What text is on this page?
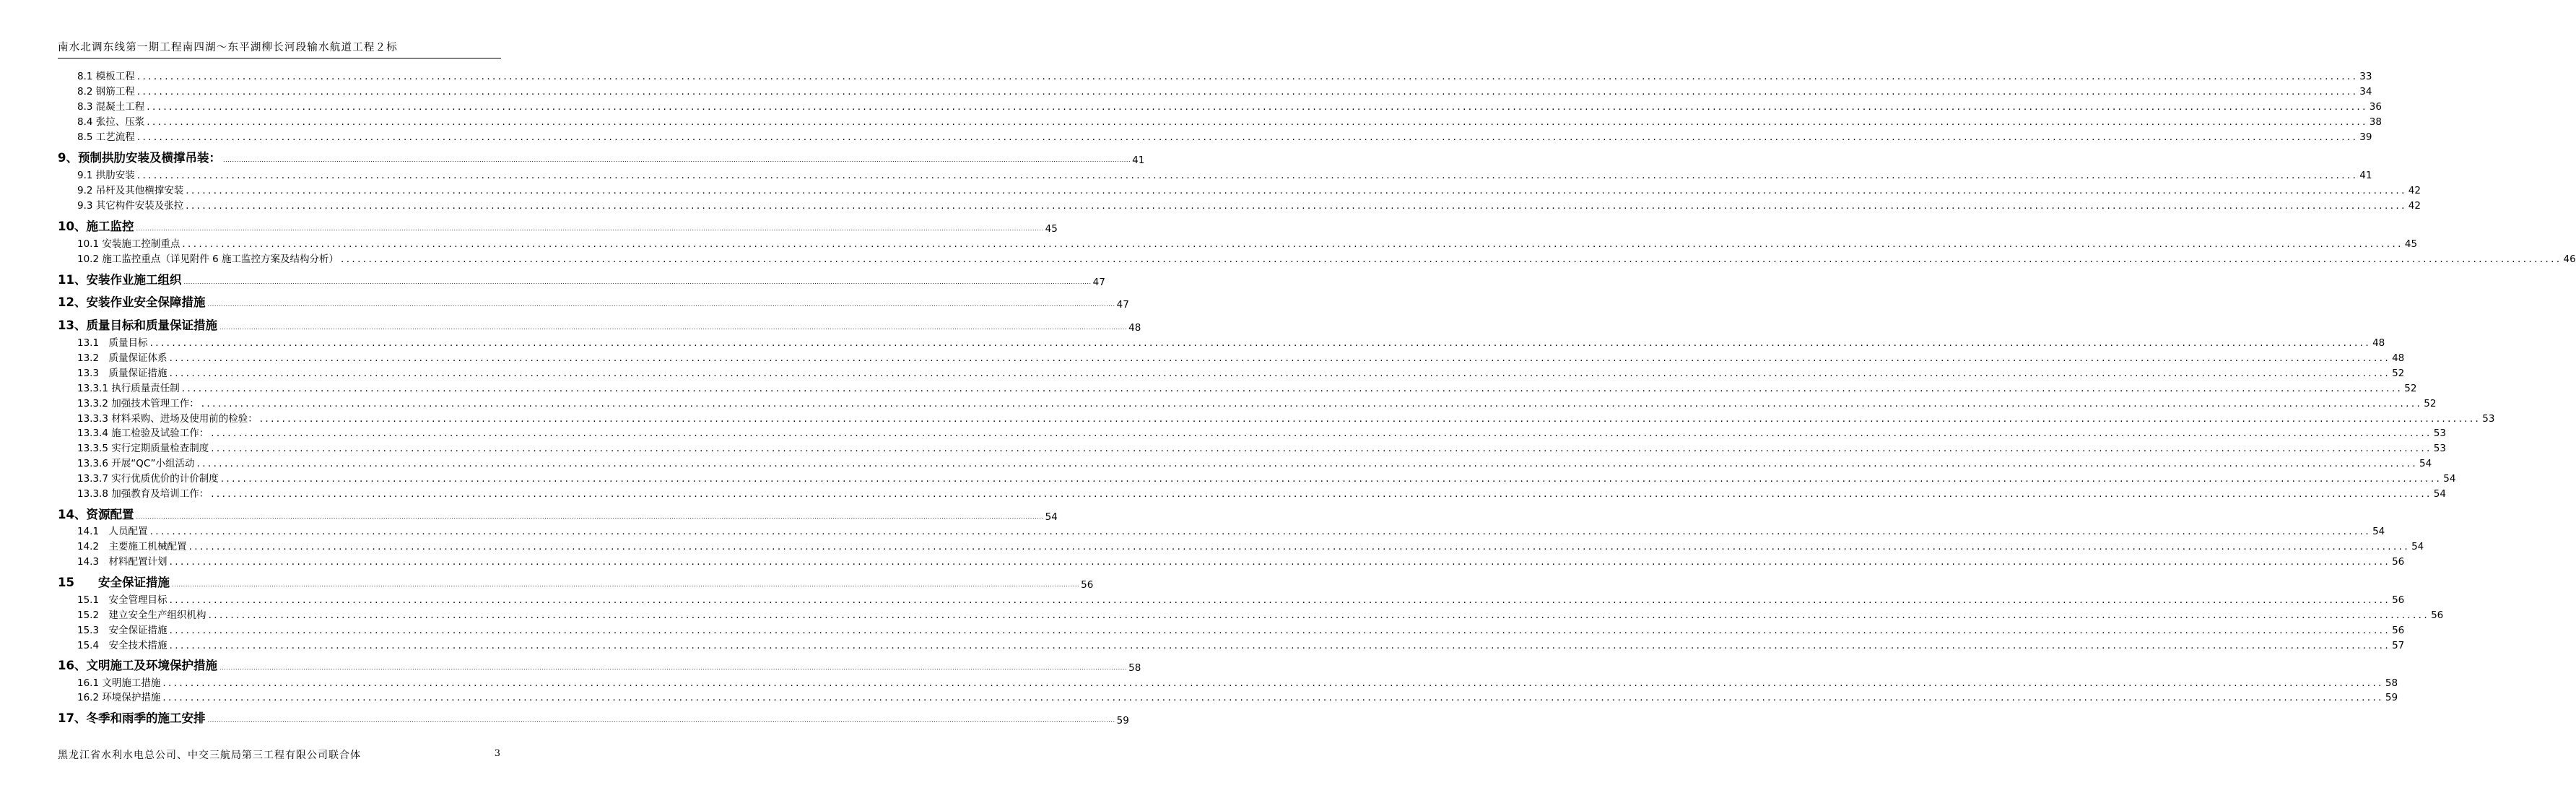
南水北调东线第一期工程南四湖～东平湖柳长河段输水航道工程２标
8.1 模板工程 ................................................................................................................................................................................................................................................................................................................................................................................................................ 33
8.2 钢筋工程 ................................................................................................................................................................................................................................................................................................................................................................................................................ 34
8.3 混凝土工程 ................................................................................................................................................................................................................................................................................................................................................................................................................ 36
8.4 张拉、压浆 ................................................................................................................................................................................................................................................................................................................................................................................................................ 38
8.5 工艺流程 ................................................................................................................................................................................................................................................................................................................................................................................................................ 39
9、预制拱肋安装及横撑吊装： ................................................................................................................................................................................................................................................................................................................................................................................................................ 41
9.1 拱肋安装 ................................................................................................................................................................................................................................................................................................................................................................................................................ 41
9.2 吊杆及其他横撑安装 ................................................................................................................................................................................................................................................................................................................................................................................................................ 42
9.3 其它构件安装及张拉 ................................................................................................................................................................................................................................................................................................................................................................................................................ 42
10、施工监控 ................................................................................................................................................................................................................................................................................................................................................................................................................ 45
10.1 安装施工控制重点 ................................................................................................................................................................................................................................................................................................................................................................................................................ 45
10.2 施工监控重点（详见附件 6 施工监控方案及结构分析） ................................................................................................................................................................................................................................................................................................................................................................................................................ 46
11、安装作业施工组织 ................................................................................................................................................................................................................................................................................................................................................................................................................ 47
12、安装作业安全保障措施 ................................................................................................................................................................................................................................................................................................................................................................................................................ 47
13、质量目标和质量保证措施 ................................................................................................................................................................................................................................................................................................................................................................................................................ 48
13.1　质量目标 ................................................................................................................................................................................................................................................................................................................................................................................................................ 48
13.2　质量保证体系 ................................................................................................................................................................................................................................................................................................................................................................................................................ 48
13.3　质量保证措施 ................................................................................................................................................................................................................................................................................................................................................................................................................ 52
13.3.1 执行质量责任制 ................................................................................................................................................................................................................................................................................................................................................................................................................ 52
13.3.2 加强技术管理工作： ................................................................................................................................................................................................................................................................................................................................................................................................................ 52
13.3.3 材料采购、进场及使用前的检验： ................................................................................................................................................................................................................................................................................................................................................................................................................ 53
13.3.4 施工检验及试验工作： ................................................................................................................................................................................................................................................................................................................................................................................................................ 53
13.3.5 实行定期质量检查制度 ................................................................................................................................................................................................................................................................................................................................................................................................................ 53
13.3.6 开展“QC”小组活动 ................................................................................................................................................................................................................................................................................................................................................................................................................ 54
13.3.7 实行优质优价的计价制度 ................................................................................................................................................................................................................................................................................................................................................................................................................ 54
13.3.8 加强教育及培训工作： ................................................................................................................................................................................................................................................................................................................................................................................................................ 54
14、资源配置 ................................................................................................................................................................................................................................................................................................................................................................................................................ 54
14.1　人员配置 ................................................................................................................................................................................................................................................................................................................................................................................................................ 54
14.2　主要施工机械配置 ................................................................................................................................................................................................................................................................................................................................................................................................................ 54
14.3　材料配置计划 ................................................................................................................................................................................................................................................................................................................................................................................................................ 56
15　　安全保证措施 ................................................................................................................................................................................................................................................................................................................................................................................................................ 56
15.1　安全管理目标 ................................................................................................................................................................................................................................................................................................................................................................................................................ 56
15.2　建立安全生产组织机构 ................................................................................................................................................................................................................................................................................................................................................................................................................ 56
15.3　安全保证措施 ................................................................................................................................................................................................................................................................................................................................................................................................................ 56
15.4　安全技术措施 ................................................................................................................................................................................................................................................................................................................................................................................................................ 57
16、文明施工及环境保护措施 ................................................................................................................................................................................................................................................................................................................................................................................................................ 58
16.1 文明施工措施 ................................................................................................................................................................................................................................................................................................................................................................................................................ 58
16.2 环境保护措施 ................................................................................................................................................................................................................................................................................................................................................................................................................ 59
17、冬季和雨季的施工安排 ................................................................................................................................................................................................................................................................................................................................................................................................................ 59
黑龙江省水利水电总公司、中交三航局第三工程有限公司联合体	3
